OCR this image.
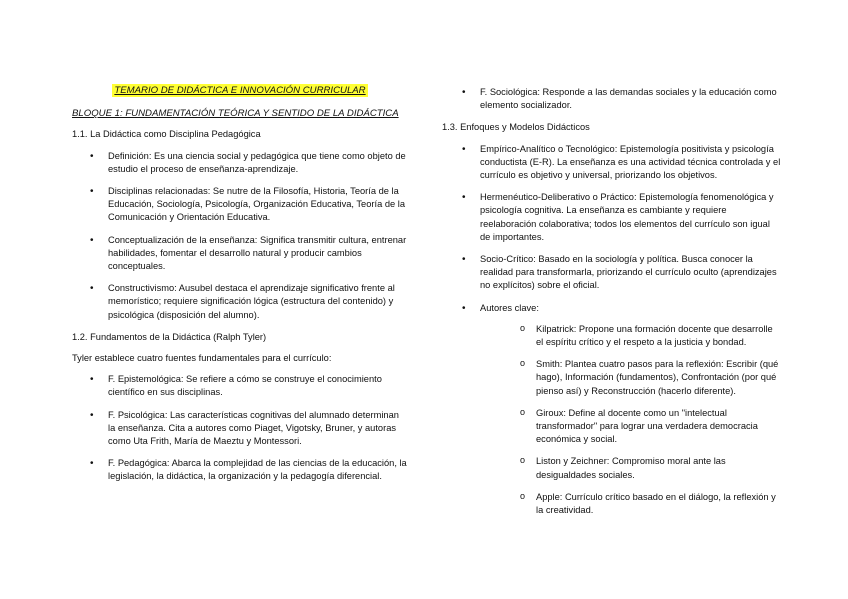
TEMARIO DE DIDÁCTICA E INNOVACIÓN CURRICULAR
BLOQUE 1: FUNDAMENTACIÓN TEÓRICA Y SENTIDO DE LA DIDÁCTICA
1.1. La Didáctica como Disciplina Pedagógica
• Definición: Es una ciencia social y pedagógica que tiene como objeto de estudio el proceso de enseñanza-aprendizaje.
• Disciplinas relacionadas: Se nutre de la Filosofía, Historia, Teoría de la Educación, Sociología, Psicología, Organización Educativa, Teoría de la Comunicación y Orientación Educativa.
• Conceptualización de la enseñanza: Significa transmitir cultura, entrenar habilidades, fomentar el desarrollo natural y producir cambios conceptuales.
• Constructivismo: Ausubel destaca el aprendizaje significativo frente al memorístico; requiere significación lógica (estructura del contenido) y psicológica (disposición del alumno).
1.2. Fundamentos de la Didáctica (Ralph Tyler)
Tyler establece cuatro fuentes fundamentales para el currículo:
• F. Epistemológica: Se refiere a cómo se construye el conocimiento científico en sus disciplinas.
• F. Psicológica: Las características cognitivas del alumnado determinan la enseñanza. Cita a autores como Piaget, Vigotsky, Bruner, y autoras como Uta Frith, María de Maeztu y Montessori.
• F. Pedagógica: Abarca la complejidad de las ciencias de la educación, la legislación, la didáctica, la organización y la pedagogía diferencial.
• F. Sociológica: Responde a las demandas sociales y la educación como elemento socializador.
1.3. Enfoques y Modelos Didácticos
• Empírico-Analítico o Tecnológico: Epistemología positivista y psicología conductista (E-R). La enseñanza es una actividad técnica controlada y el currículo es objetivo y universal, priorizando los objetivos.
• Hermenéutico-Deliberativo o Práctico: Epistemología fenomenológica y psicología cognitiva. La enseñanza es cambiante y requiere reelaboración colaborativa; todos los elementos del currículo son igual de importantes.
• Socio-Crítico: Basado en la sociología y política. Busca conocer la realidad para transformarla, priorizando el currículo oculto (aprendizajes no explícitos) sobre el oficial.
• Autores clave:
o Kilpatrick: Propone una formación docente que desarrolle el espíritu crítico y el respeto a la justicia y bondad.
o Smith: Plantea cuatro pasos para la reflexión: Escribir (qué hago), Información (fundamentos), Confrontación (por qué pienso así) y Reconstrucción (hacerlo diferente).
o Giroux: Define al docente como un "intelectual transformador" para lograr una verdadera democracia económica y social.
o Liston y Zeichner: Compromiso moral ante las desigualdades sociales.
o Apple: Currículo crítico basado en el diálogo, la reflexión y la creatividad.
